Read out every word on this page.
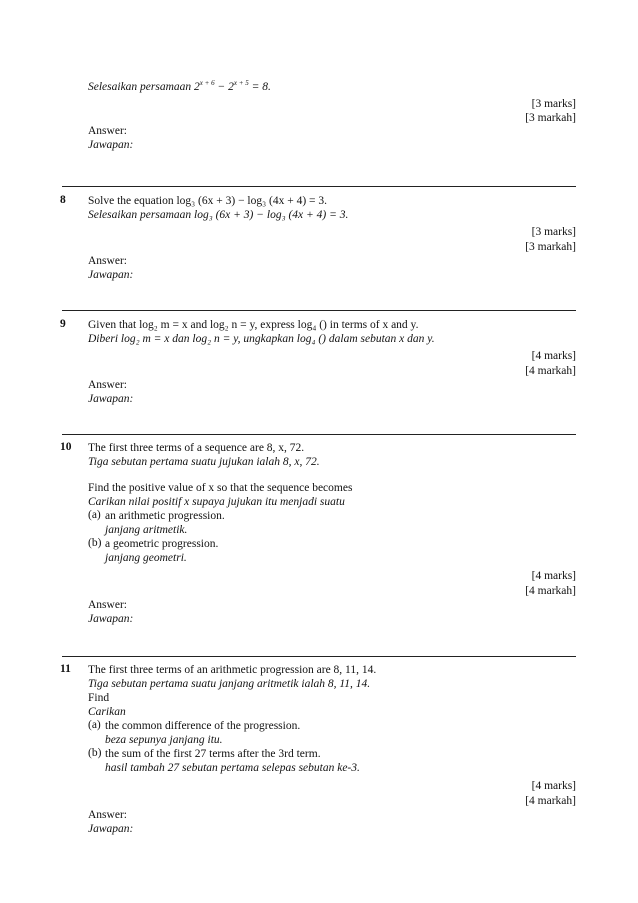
Selesaikan persamaan $2^{x + 6} - 2^{x + 5} = 8$.
[3 marks]
[3 markah]
Answer:
Jawapan:
8	Solve the equation log₃ (6x + 3) − log₃ (4x + 4) = 3.
Selesaikan persamaan log₃ (6x + 3) − log₃ (4x + 4) = 3.
[3 marks]
[3 markah]
Answer:
Jawapan:
9	Given that log₂ m = x and log₂ n = y, express log₄ () in terms of x and y.
Diberi log₂ m = x dan log₂ n = y, ungkapkan log₄ () dalam sebutan x dan y.
[4 marks]
[4 markah]
Answer:
Jawapan:
10	The first three terms of a sequence are 8, x, 72.
Tiga sebutan pertama suatu jujukan ialah 8, x, 72.
Find the positive value of x so that the sequence becomes
Carikan nilai positif x supaya jujukan itu menjadi suatu
(a) an arithmetic progression.
janjang aritmetik.
(b) a geometric progression.
janjang geometri.
[4 marks]
[4 markah]
Answer:
Jawapan:
11	The first three terms of an arithmetic progression are 8, 11, 14.
Tiga sebutan pertama suatu janjang aritmetik ialah 8, 11, 14.
Find
Carikan
(a) the common difference of the progression.
beza sepunya janjang itu.
(b) the sum of the first 27 terms after the 3rd term.
hasil tambah 27 sebutan pertama selepas sebutan ke-3.
[4 marks]
[4 markah]
Answer:
Jawapan:
